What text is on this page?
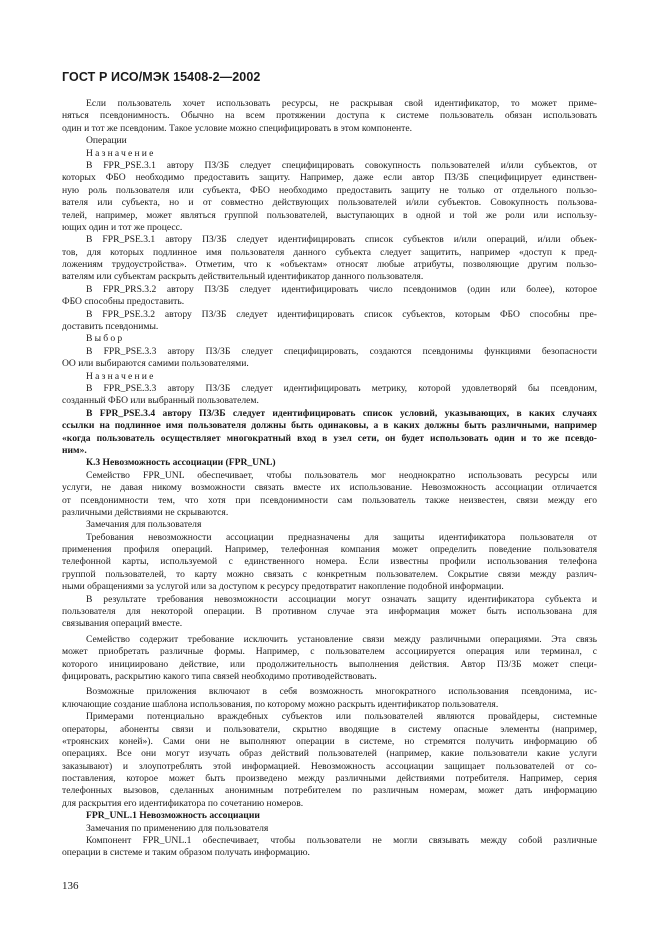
ГОСТ Р ИСО/МЭК 15408-2—2002
Если пользователь хочет использовать ресурсы, не раскрывая свой идентификатор, то может приме-
няться псевдонимность. Обычно на всем протяжении доступа к системе пользователь обязан использовать
один и тот же псевдоним. Такое условие можно специфицировать в этом компоненте.
Операции
Назначение
В FPR_PSE.3.1 автору ПЗ/ЗБ следует специфицировать совокупность пользователей и/или субъектов, от
которых ФБО необходимо предоставить защиту. Например, даже если автор ПЗ/ЗБ специфицирует единствен-
ную роль пользователя или субъекта, ФБО необходимо предоставить защиту не только от отдельного пользо-
вателя или субъекта, но и от совместно действующих пользователей и/или субъектов. Совокупность пользова-
телей, например, может являться группой пользователей, выступающих в одной и той же роли или использу-
ющих один и тот же процесс.
В FPR_PSE.3.1 автору ПЗ/ЗБ следует идентифицировать список субъектов и/или операций, и/или объек-
тов, для которых подлинное имя пользователя данного субъекта следует защитить, например «доступ к пред-
ложениям трудоустройства». Отметим, что к «объектам» относят любые атрибуты, позволяющие другим пользо-
вателям или субъектам раскрыть действительный идентификатор данного пользователя.
В FPR_PRS.3.2 автору ПЗ/ЗБ следует идентифицировать число псевдонимов (один или более), которое
ФБО способны предоставить.
В FPR_PSE.3.2 автору ПЗ/ЗБ следует идентифицировать список субъектов, которым ФБО способны пре-
доставить псевдонимы.
Выбор
В FPR_PSE.3.3 автору ПЗ/ЗБ следует специфицировать, создаются псевдонимы функциями безопасности
ОО или выбираются самими пользователями.
Назначение
В FPR_PSE.3.3 автору ПЗ/ЗБ следует идентифицировать метрику, которой удовлетворяй бы псевдоним,
созданный ФБО или выбранный пользователем.
В FPR_PSE.3.4 автору ПЗ/ЗБ следует идентифицировать список условий, указывающих, в каких случаях
ссылки на подлинное имя пользователя должны быть одинаковы, а в каких должны быть различными, например
«когда пользователь осуществляет многократный вход в узел сети, он будет использовать один и то же псевдо-
ним».
К.3 Невозможность ассоциации (FPR_UNL)
Семейство FPR_UNL обеспечивает, чтобы пользователь мог неоднократно использовать ресурсы или
услуги, не давая никому возможности связать вместе их использование. Невозможность ассоциации отличается
от псевдонимности тем, что хотя при псевдонимности сам пользователь также неизвестен, связи между его
различными действиями не скрываются.
Замечания для пользователя
Требования невозможности ассоциации предназначены для защиты идентификатора пользователя от
применения профиля операций. Например, телефонная компания может определить поведение пользователя
телефонной карты, используемой с единственного номера. Если известны профили использования телефона
группой пользователей, то карту можно связать с конкретным пользователем. Сокрытие связи между различ-
ными обращениями за услугой или за доступом к ресурсу предотвратит накопление подобной информации.
В результате требования невозможности ассоциации могут означать защиту идентификатора субъекта и
пользователя для некоторой операции. В противном случае эта информация может быть использована для
связывания операций вместе.
Семейство содержит требование исключить установление связи между различными операциями. Эта связь
может приобретать различные формы. Например, с пользователем ассоциируется операция или терминал, с
которого инициировано действие, или продолжительность выполнения действия. Автор ПЗ/ЗБ может специ-
фицировать, раскрытию какого типа связей необходимо противодействовать.
Возможные приложения включают в себя возможность многократного использования псевдонима, ис-
ключающие создание шаблона использования, по которому можно раскрыть идентификатор пользователя.
Примерами потенциально враждебных субъектов или пользователей являются провайдеры, системные
операторы, абоненты связи и пользователи, скрытно вводящие в систему опасные элементы (например,
«троянских коней»). Сами они не выполняют операции в системе, но стремятся получить информацию об
операциях. Все они могут изучать образ действий пользователей (например, какие пользователи какие услуги
заказывают) и злоупотреблять этой информацией. Невозможность ассоциации защищает пользователей от со-
поставления, которое может быть произведено между различными действиями потребителя. Например, серия
телефонных вызовов, сделанных анонимным потребителем по различным номерам, может дать информацию
для раскрытия его идентификатора по сочетанию номеров.
FPR_UNL.1 Невозможность ассоциации
Замечания по применению для пользователя
Компонент FPR_UNL.1 обеспечивает, чтобы пользователи не могли связывать между собой различные
операции в системе и таким образом получать информацию.
136
